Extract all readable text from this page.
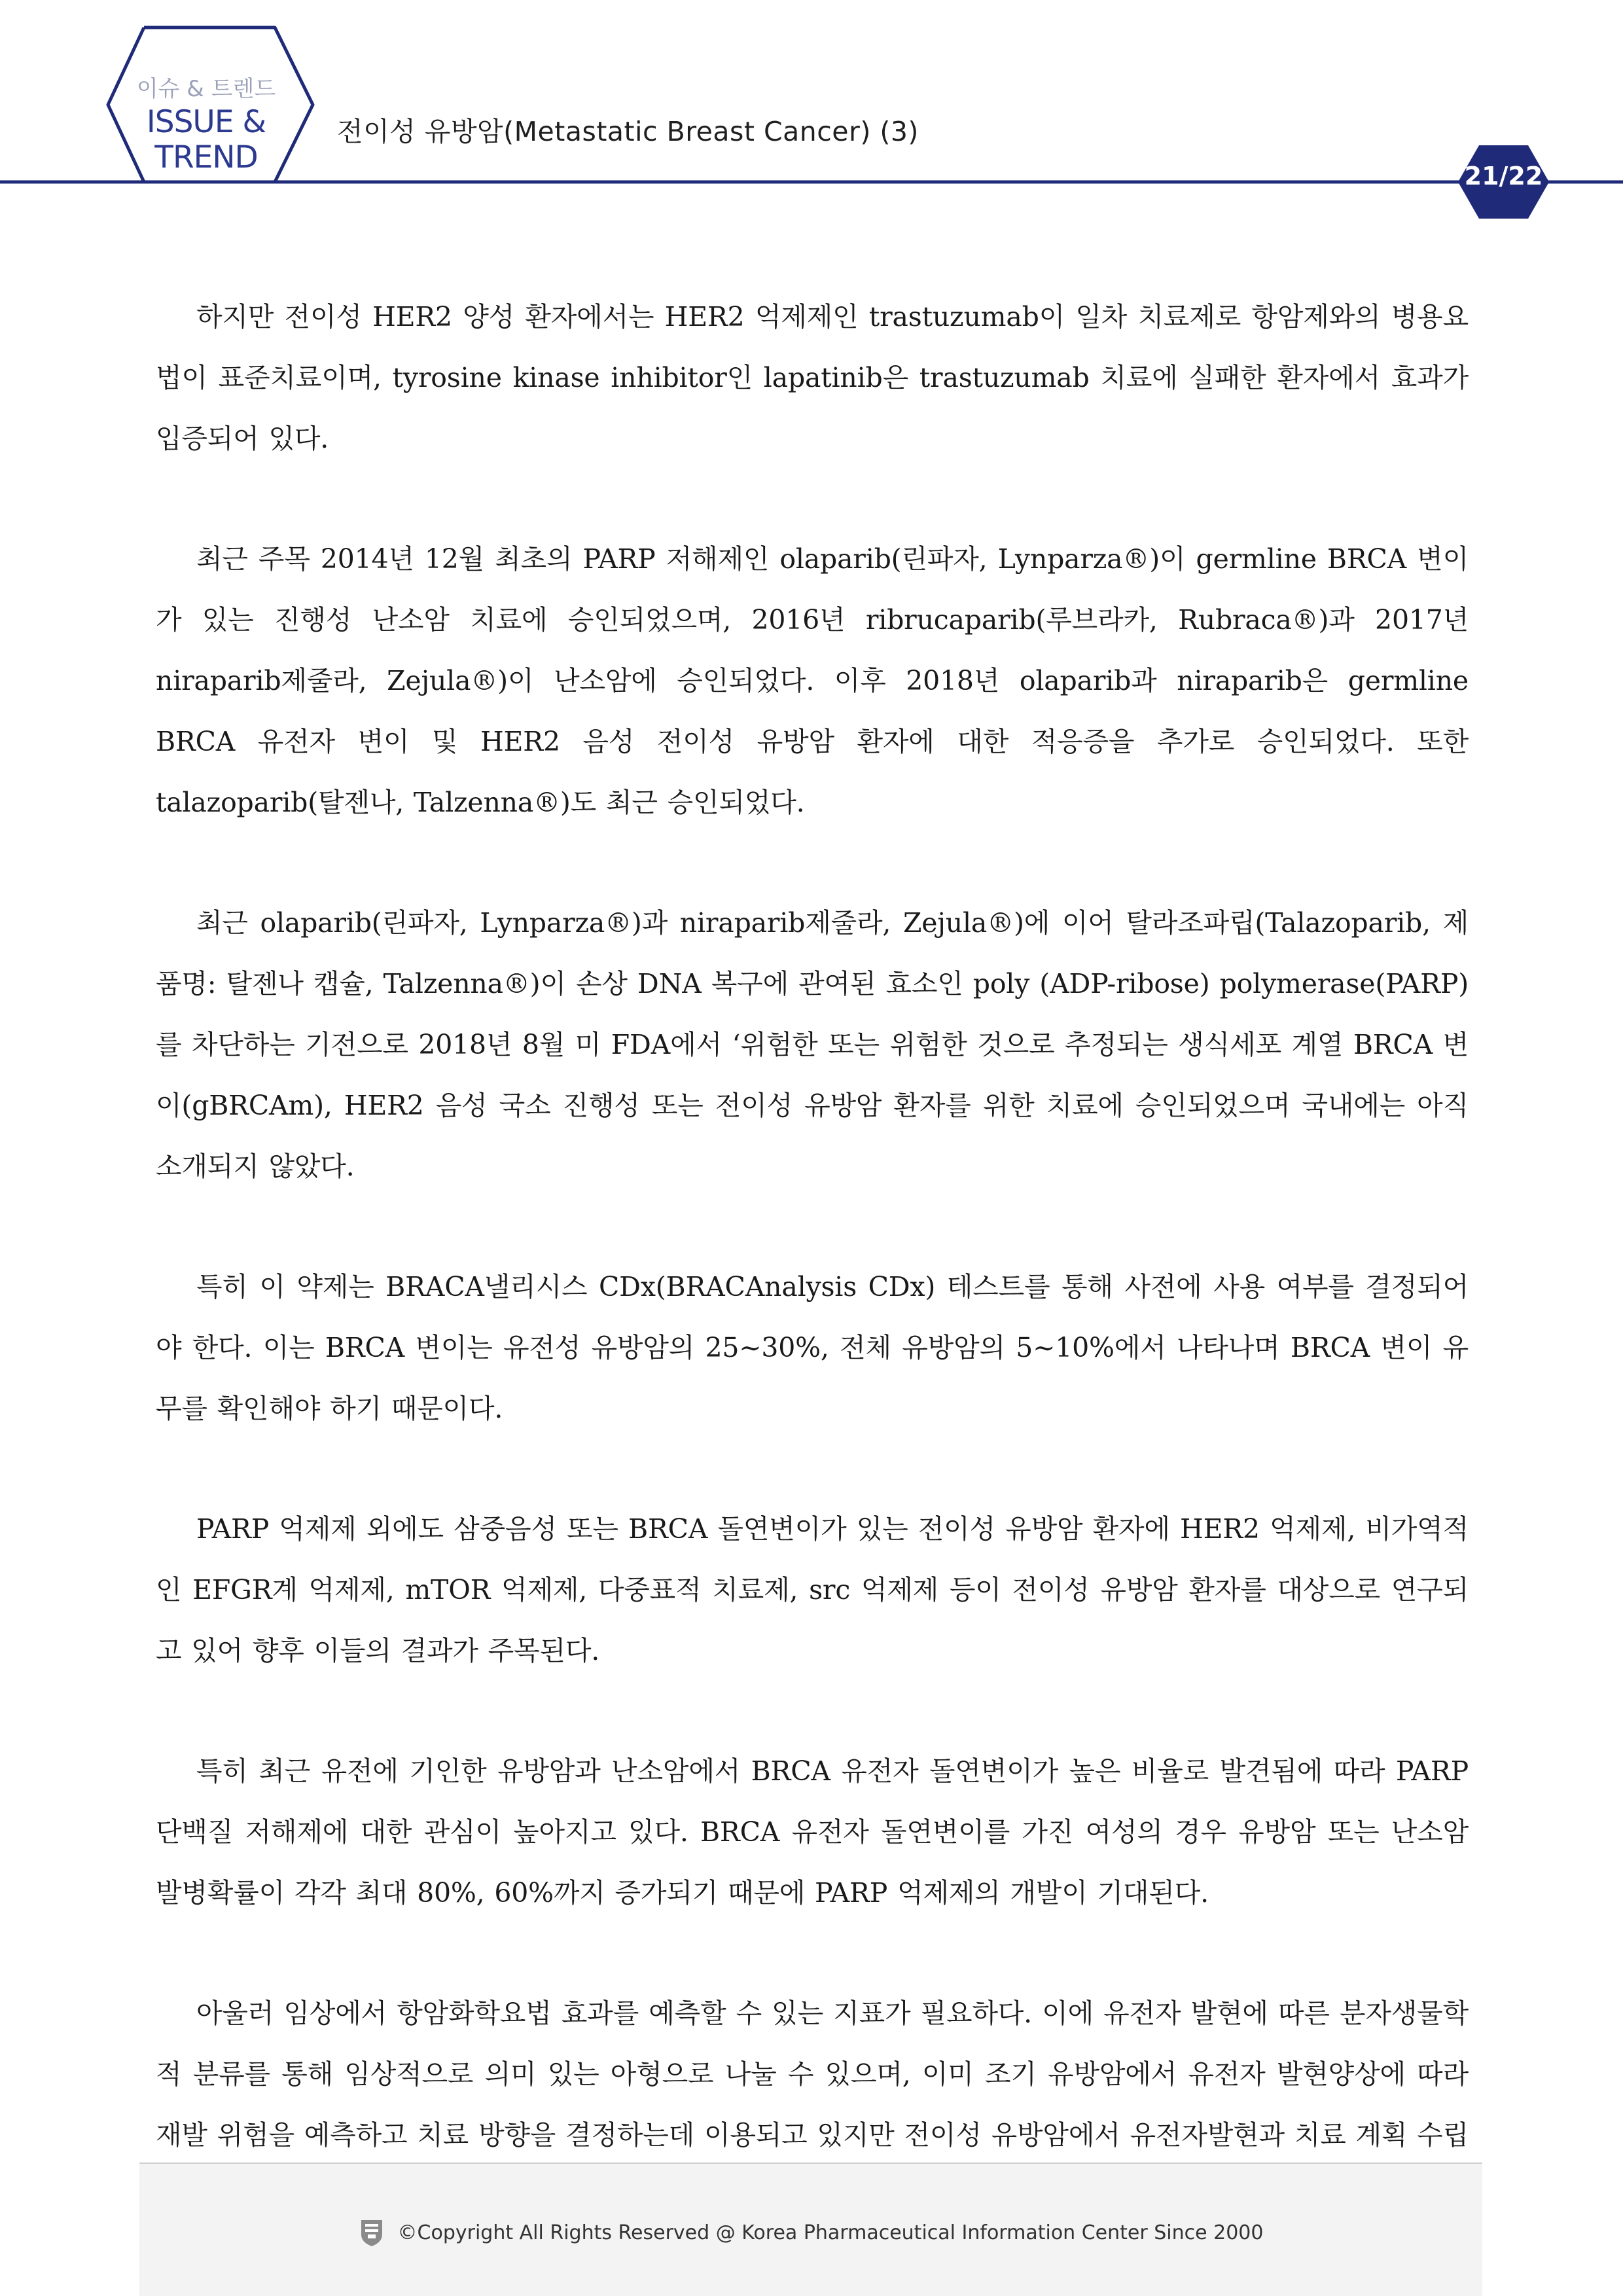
이슈 & 트렌드
ISSUE &
TREND
전이성 유방암(Metastatic Breast Cancer) (3)
21/22

하지만 전이성 HER2 양성 환자에서는 HER2 억제제인 trastuzumab이 일차 치료제로 항암제와의 병용요법이 표준치료이며, tyrosine kinase inhibitor인 lapatinib은 trastuzumab 치료에 실패한 환자에서 효과가 입증되어 있다.

최근 주목 2014년 12월 최초의 PARP 저해제인 olaparib(린파자, Lynparza®)이 germline BRCA 변이가 있는 진행성 난소암 치료에 승인되었으며, 2016년 ribrucaparib(루브라카, Rubraca®)과 2017년 niraparib제줄라, Zejula®)이 난소암에 승인되었다. 이후 2018년 olaparib과 niraparib은 germline BRCA 유전자 변이 및 HER2 음성 전이성 유방암 환자에 대한 적응증을 추가로 승인되었다. 또한 talazoparib(탈젠나, Talzenna®)도 최근 승인되었다.

최근 olaparib(린파자, Lynparza®)과 niraparib제줄라, Zejula®)에 이어 탈라조파립(Talazoparib, 제품명: 탈젠나 캡슐, Talzenna®)이 손상 DNA 복구에 관여된 효소인 poly (ADP-ribose) polymerase(PARP)를 차단하는 기전으로 2018년 8월 미 FDA에서 ‘위험한 또는 위험한 것으로 추정되는 생식세포 계열 BRCA 변이(gBRCAm), HER2 음성 국소 진행성 또는 전이성 유방암 환자를 위한 치료에 승인되었으며 국내에는 아직 소개되지 않았다.

특히 이 약제는 BRACA낼리시스 CDx(BRACAnalysis CDx) 테스트를 통해 사전에 사용 여부를 결정되어야 한다. 이는 BRCA 변이는 유전성 유방암의 25∼30%, 전체 유방암의 5∼10%에서 나타나며 BRCA 변이 유무를 확인해야 하기 때문이다.

PARP 억제제 외에도 삼중음성 또는 BRCA 돌연변이가 있는 전이성 유방암 환자에 HER2 억제제, 비가역적인 EFGR계 억제제, mTOR 억제제, 다중표적 치료제, src 억제제 등이 전이성 유방암 환자를 대상으로 연구되고 있어 향후 이들의 결과가 주목된다.

특히 최근 유전에 기인한 유방암과 난소암에서 BRCA 유전자 돌연변이가 높은 비율로 발견됨에 따라 PARP 단백질 저해제에 대한 관심이 높아지고 있다. BRCA 유전자 돌연변이를 가진 여성의 경우 유방암 또는 난소암 발병확률이 각각 최대 80%, 60%까지 증가되기 때문에 PARP 억제제의 개발이 기대된다.

아울러 임상에서 항암화학요법 효과를 예측할 수 있는 지표가 필요하다. 이에 유전자 발현에 따른 분자생물학적 분류를 통해 임상적으로 의미 있는 아형으로 나눌 수 있으며, 이미 조기 유방암에서 유전자 발현양상에 따라 재발 위험을 예측하고 치료 방향을 결정하는데 이용되고 있지만 전이성 유방암에서 유전자발현과 치료 계획 수립

©Copyright All Rights Reserved @ Korea Pharmaceutical Information Center Since 2000
